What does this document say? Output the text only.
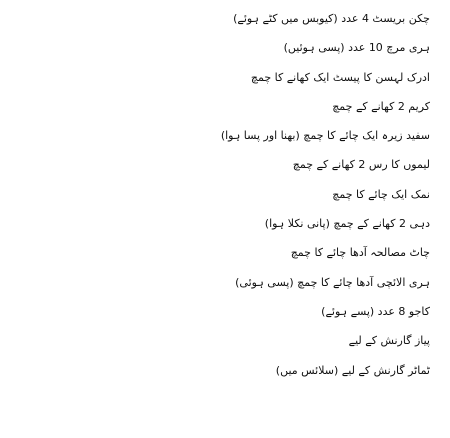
چکن بریسٹ 4 عدد (کیوبس میں کٹے ہوئے)
ہری مرچ 10 عدد (پسی ہوئیں)
ادرک لہسن کا پیسٹ ایک کھانے کا چمچ
کریم 2 کھانے کے چمچ
سفید زیرہ ایک چائے کا چمچ (بھنا اور پسا ہوا)
لیموں کا رس 2 کھانے کے چمچ
نمک ایک چائے کا چمچ
دہی 2 کھانے کے چمچ (پانی نکلا ہوا)
چاٹ مصالحہ آدھا چائے کا چمچ
ہری الائچی آدھا چائے کا چمچ (پسی ہوئی)
کاجو 8 عدد (پسے ہوئے)
پیاز گارنش کے لیے
ٹماٹر گارنش کے لیے (سلائس میں)
